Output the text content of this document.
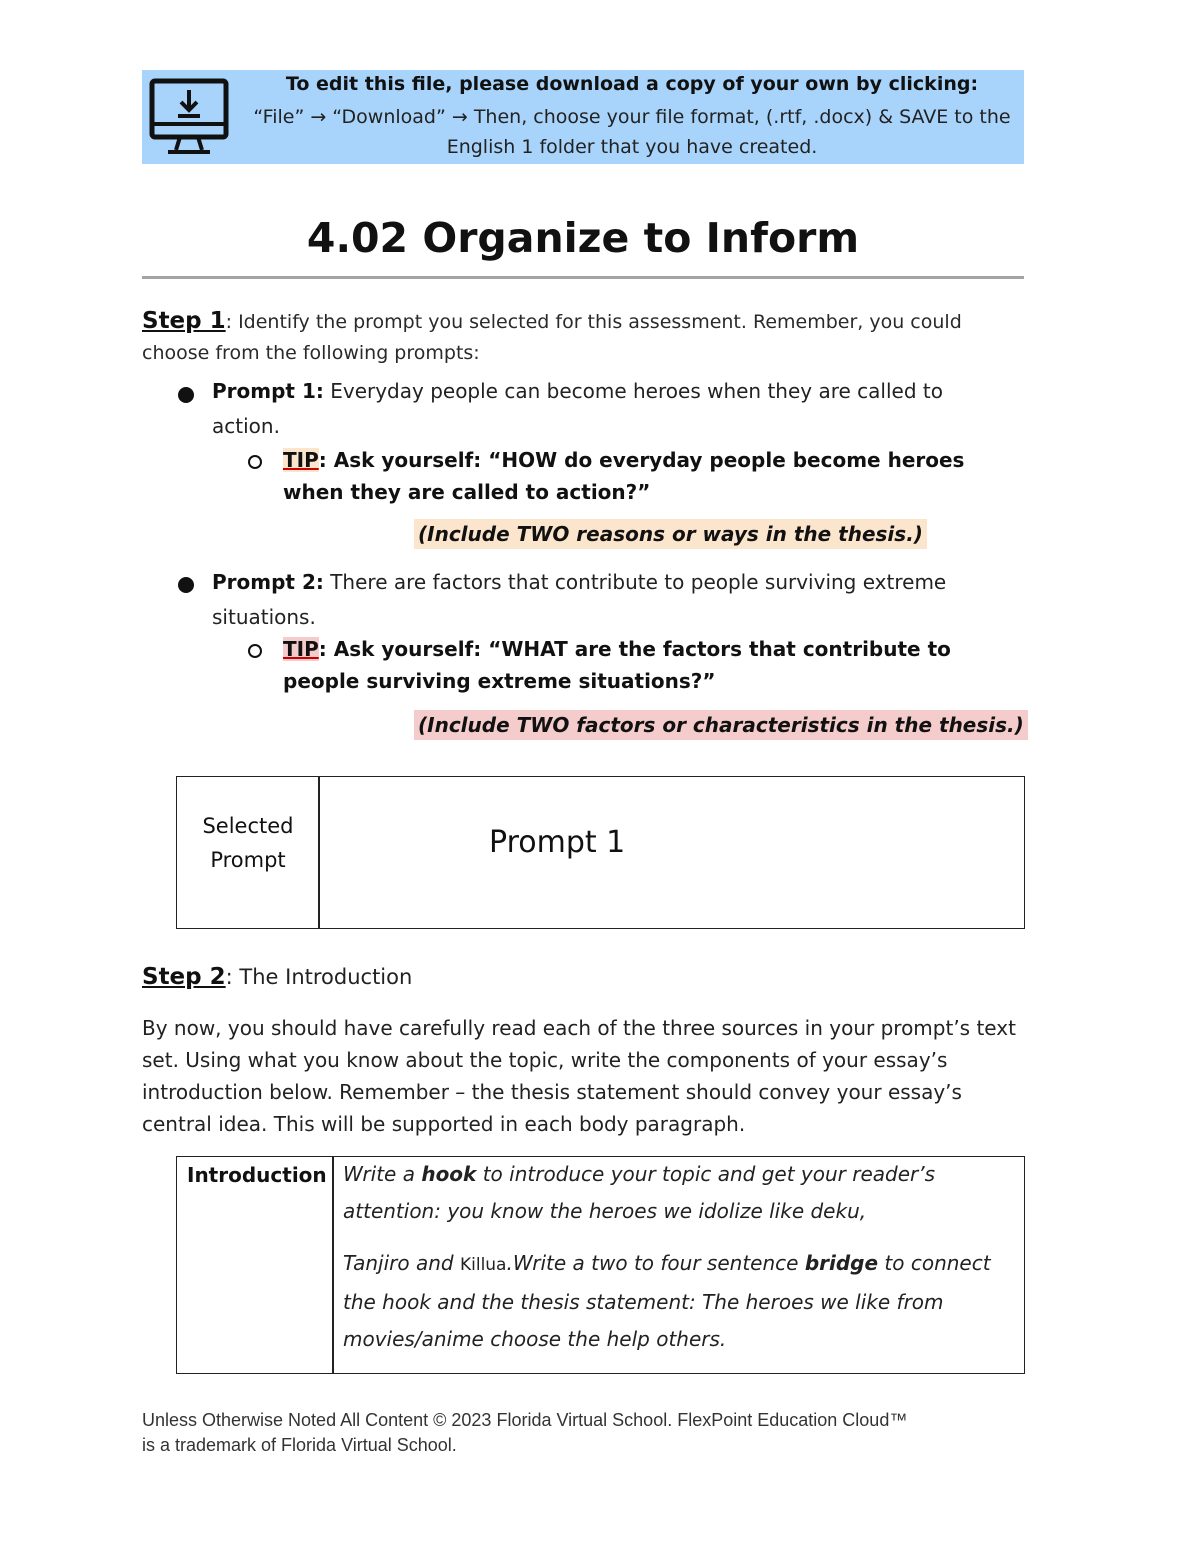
To edit this file, please download a copy of your own by clicking:
“File” → “Download” → Then, choose your file format, (.rtf, .docx) & SAVE to the
English 1 folder that you have created.
4.02 Organize to Inform
Step 1: Identify the prompt you selected for this assessment. Remember, you could choose from the following prompts:
Prompt 1: Everyday people can become heroes when they are called to action.
TIP: Ask yourself: “HOW do everyday people become heroes when they are called to action?”
(Include TWO reasons or ways in the thesis.)
Prompt 2: There are factors that contribute to people surviving extreme situations.
TIP: Ask yourself: “WHAT are the factors that contribute to people surviving extreme situations?”
(Include TWO factors or characteristics in the thesis.)
Selected
Prompt	Prompt 1
Step 2: The Introduction
By now, you should have carefully read each of the three sources in your prompt’s text set. Using what you know about the topic, write the components of your essay’s introduction below. Remember – the thesis statement should convey your essay’s central idea. This will be supported in each body paragraph.
Introduction Write a hook to introduce your topic and get your reader’s attention: you know the heroes we idolize like deku,

Tanjiro and Killua.Write a two to four sentence bridge to connect the hook and the thesis statement: The heroes we like from movies/anime choose the help others.

Unless Otherwise Noted All Content © 2023 Florida Virtual School. FlexPoint Education Cloud™
is a trademark of Florida Virtual School.
